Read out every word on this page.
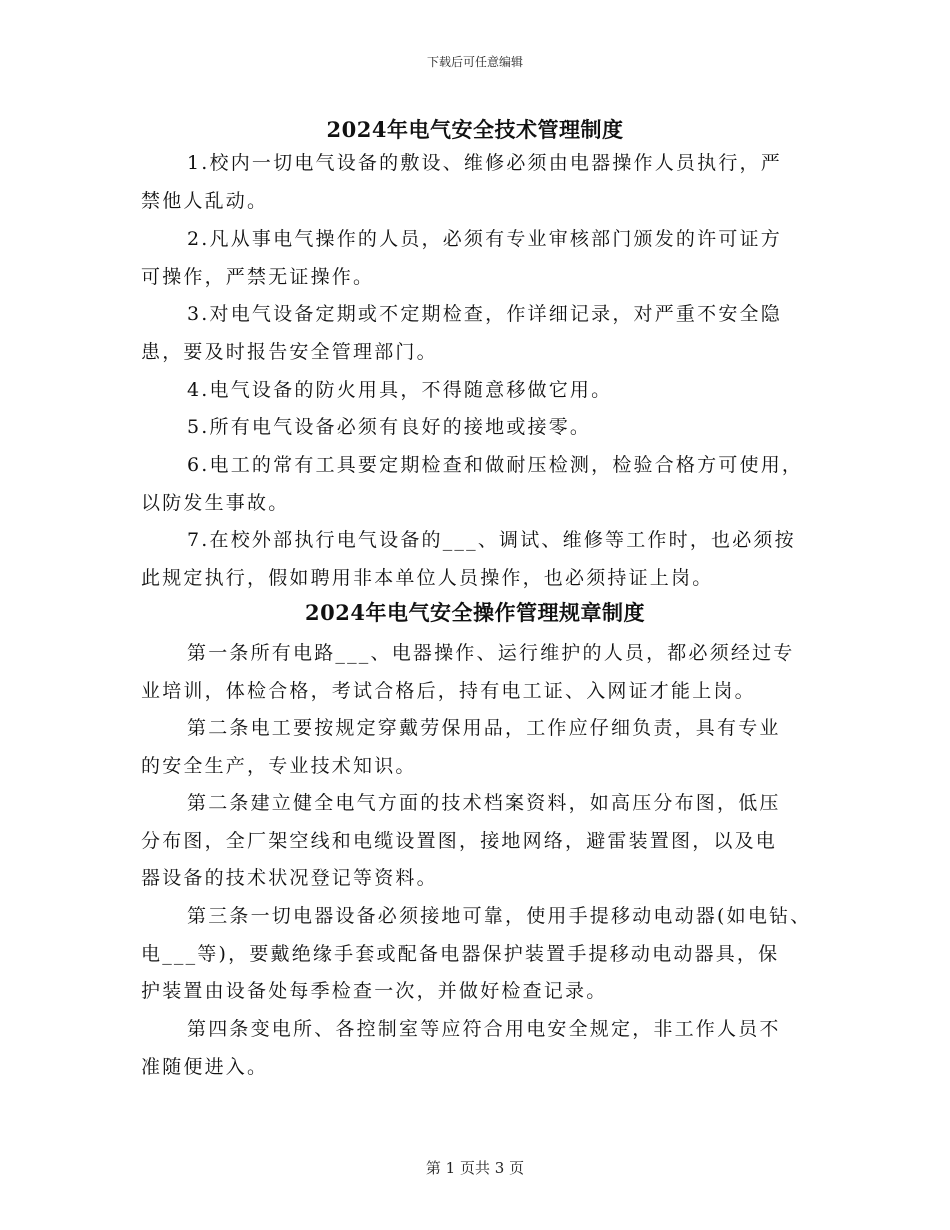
下载后可任意编辑
2024年电气安全技术管理制度
1.校内一切电气设备的敷设、维修必须由电器操作人员执行，严
禁他人乱动。
2.凡从事电气操作的人员，必须有专业审核部门颁发的许可证方
可操作，严禁无证操作。
3.对电气设备定期或不定期检查，作详细记录，对严重不安全隐
患，要及时报告安全管理部门。
4.电气设备的防火用具，不得随意移做它用。
5.所有电气设备必须有良好的接地或接零。
6.电工的常有工具要定期检查和做耐压检测，检验合格方可使用，
以防发生事故。
7.在校外部执行电气设备的___、调试、维修等工作时，也必须按
此规定执行，假如聘用非本单位人员操作，也必须持证上岗。
2024年电气安全操作管理规章制度
第一条所有电路___、电器操作、运行维护的人员，都必须经过专
业培训，体检合格，考试合格后，持有电工证、入网证才能上岗。
第二条电工要按规定穿戴劳保用品，工作应仔细负责，具有专业
的安全生产，专业技术知识。
第二条建立健全电气方面的技术档案资料，如高压分布图，低压
分布图，全厂架空线和电缆设置图，接地网络，避雷装置图，以及电
器设备的技术状况登记等资料。
第三条一切电器设备必须接地可靠，使用手提移动电动器(如电钻、
电___等)，要戴绝缘手套或配备电器保护装置手提移动电动器具，保
护装置由设备处每季检查一次，并做好检查记录。
第四条变电所、各控制室等应符合用电安全规定，非工作人员不
准随便进入。
第 1 页共 3 页
